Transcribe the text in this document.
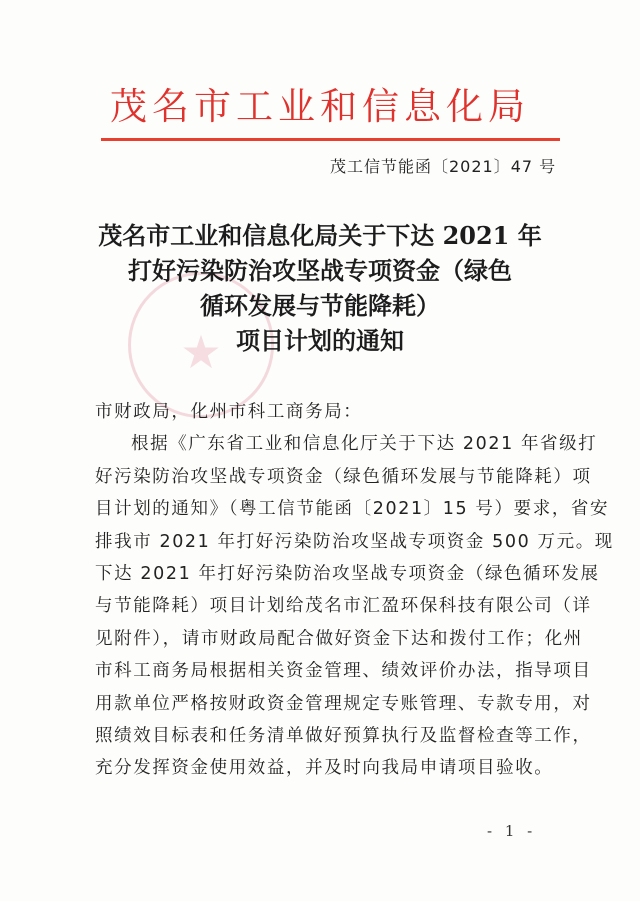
茂名市工业和信息化局
茂工信节能函〔2021〕47 号
★
茂名市工业和信息化局关于下达 2021 年
打好污染防治攻坚战专项资金（绿色
循环发展与节能降耗）
项目计划的通知
市财政局，化州市科工商务局：
根据《广东省工业和信息化厅关于下达 2021 年省级打
好污染防治攻坚战专项资金（绿色循环发展与节能降耗）项
目计划的通知》（粤工信节能函〔2021〕15 号）要求，省安
排我市 2021 年打好污染防治攻坚战专项资金 500 万元。现
下达 2021 年打好污染防治攻坚战专项资金（绿色循环发展
与节能降耗）项目计划给茂名市汇盈环保科技有限公司（详
见附件），请市财政局配合做好资金下达和拨付工作；化州
市科工商务局根据相关资金管理、绩效评价办法，指导项目
用款单位严格按财政资金管理规定专账管理、专款专用，对
照绩效目标表和任务清单做好预算执行及监督检查等工作，
充分发挥资金使用效益，并及时向我局申请项目验收。
- 1 -
